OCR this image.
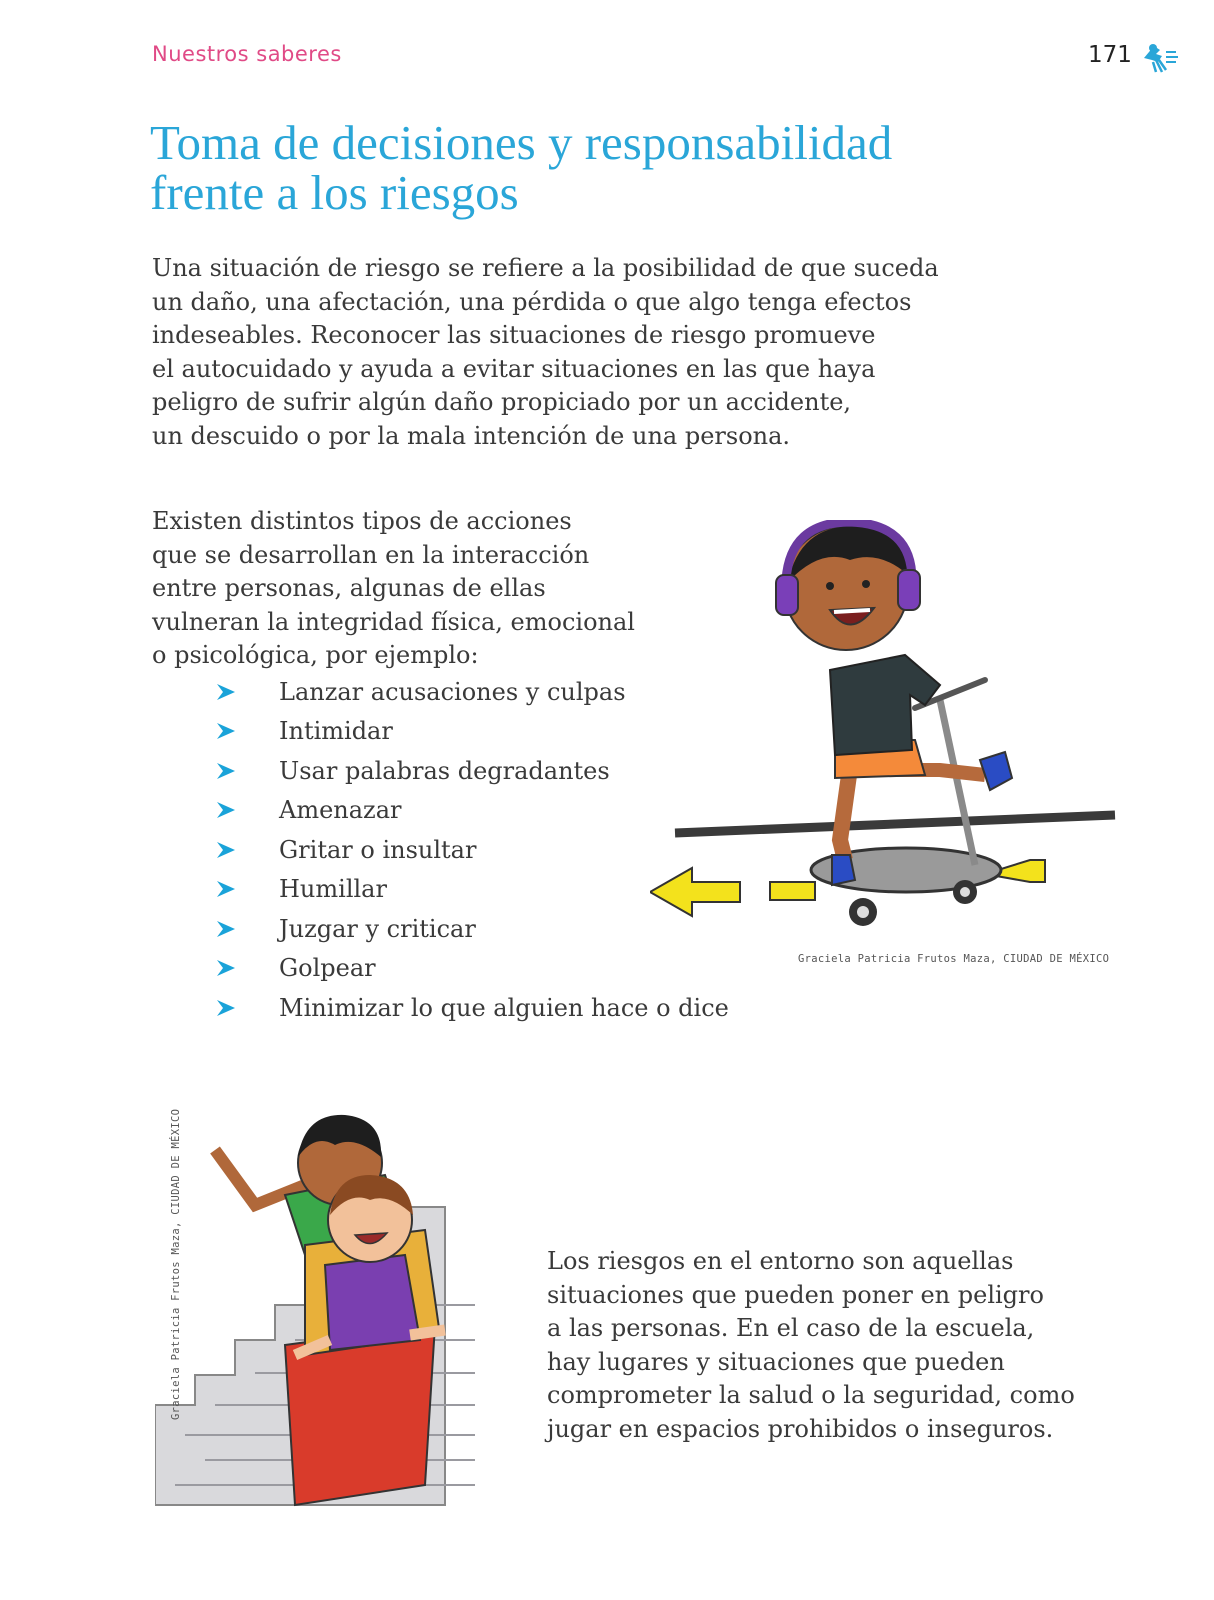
Nuestros saberes	171
Toma de decisiones y responsabilidad
frente a los riesgos

Una situación de riesgo se refiere a la posibilidad de que suceda
un daño, una afectación, una pérdida o que algo tenga efectos
indeseables. Reconocer las situaciones de riesgo promueve
el autocuidado y ayuda a evitar situaciones en las que haya
peligro de sufrir algún daño propiciado por un accidente,
un descuido o por la mala intención de una persona.

Existen distintos tipos de acciones
que se desarrollan en la interacción
entre personas, algunas de ellas
vulneran la integridad física, emocional
o psicológica, por ejemplo:

Lanzar acusaciones y culpas
Intimidar
Usar palabras degradantes
Amenazar
Gritar o insultar
Humillar
Juzgar y criticar
Golpear
Minimizar lo que alguien hace o dice
Graciela Patricia Frutos Maza, CIUDAD DE MÉXICO
Graciela Patricia Frutos Maza, CIUDAD DE MÉXICO	Los riesgos en el entorno son aquellas
situaciones que pueden poner en peligro
a las personas. En el caso de la escuela,
hay lugares y situaciones que pueden
comprometer la salud o la seguridad, como
jugar en espacios prohibidos o inseguros.
